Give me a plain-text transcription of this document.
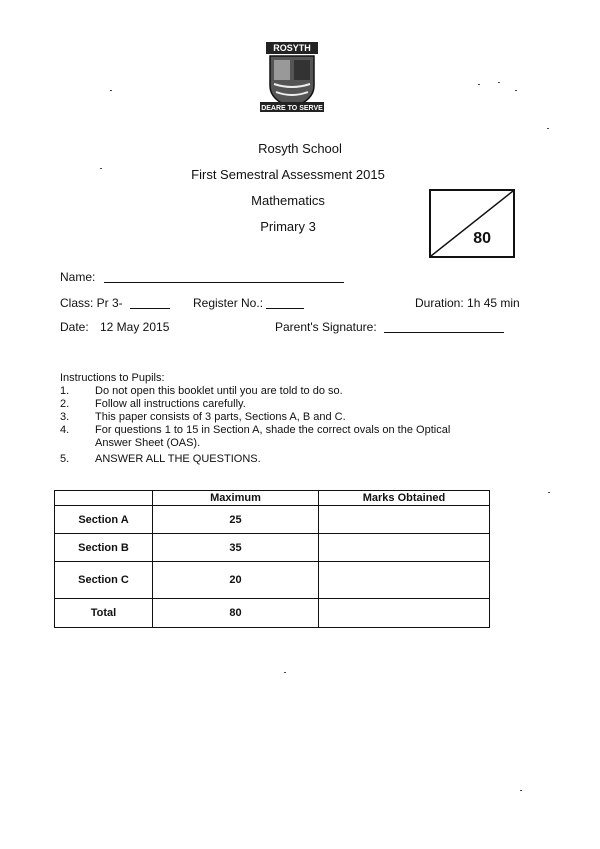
ROSYTH
DEARE TO SERVE
Rosyth School
First Semestral Assessment 2015
Mathematics
Primary 3
80
Name:
Class: Pr 3-	Register No.:	Duration: 1h 45 min
Date: 12 May 2015	Parent's Signature:
Instructions to Pupils:
1. Do not open this booklet until you are told to do so.
2. Follow all instructions carefully.
3. This paper consists of 3 parts, Sections A, B and C.
4. For questions 1 to 15 in Section A, shade the correct ovals on the Optical Answer Sheet (OAS).
5. ANSWER ALL THE QUESTIONS.
	Maximum	Marks Obtained
Section A	25	
Section B	35	
Section C	20	
Total	80	
